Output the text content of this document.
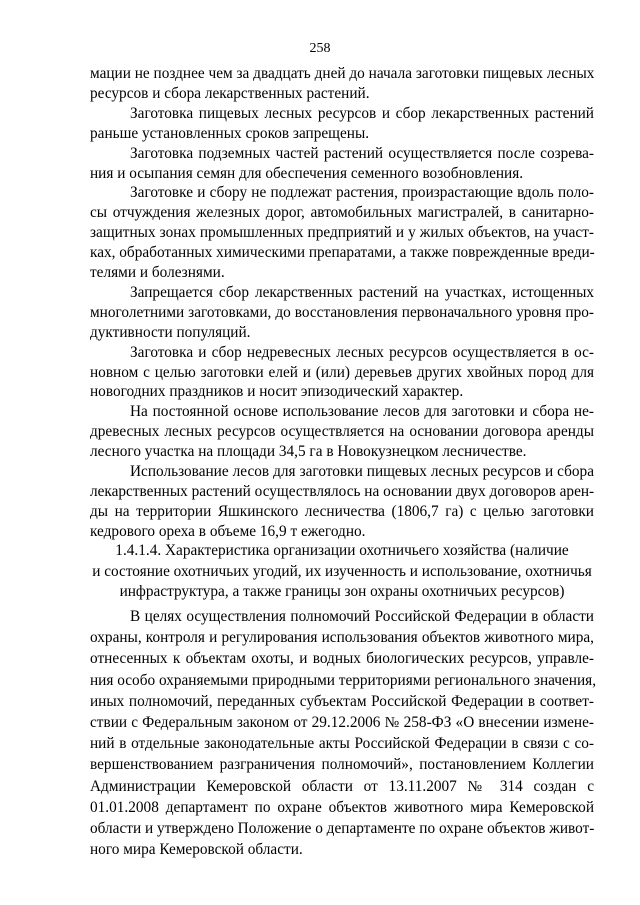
258
мации не позднее чем за двадцать дней до начала заготовки пищевых лесных
ресурсов и сбора лекарственных растений.
Заготовка пищевых лесных ресурсов и сбор лекарственных растений
раньше установленных сроков запрещены.
Заготовка подземных частей растений осуществляется после созрева-
ния и осыпания семян для обеспечения семенного возобновления.
Заготовке и сбору не подлежат растения, произрастающие вдоль поло-
сы отчуждения железных дорог, автомобильных магистралей, в санитарно-
защитных зонах промышленных предприятий и у жилых объектов, на участ-
ках, обработанных химическими препаратами, а также поврежденные вреди-
телями и болезнями.
Запрещается сбор лекарственных растений на участках, истощенных
многолетними заготовками, до восстановления первоначального уровня про-
дуктивности популяций.
Заготовка и сбор недревесных лесных ресурсов осуществляется в ос-
новном с целью заготовки елей и (или) деревьев других хвойных пород для
новогодних праздников и носит эпизодический характер.
На постоянной основе использование лесов для заготовки и сбора не-
древесных лесных ресурсов осуществляется на основании договора аренды
лесного участка на площади 34,5 га в Новокузнецком лесничестве.
Использование лесов для заготовки пищевых лесных ресурсов и сбора
лекарственных растений осуществлялось на основании двух договоров арен-
ды на территории Яшкинского лесничества (1806,7 га) с целью заготовки
кедрового ореха в объеме 16,9 т ежегодно.
1.4.1.4. Характеристика организации охотничьего хозяйства (наличие
и состояние охотничьих угодий, их изученность и использование, охотничья
инфраструктура, а также границы зон охраны охотничьих ресурсов)
В целях осуществления полномочий Российской Федерации в области
охраны, контроля и регулирования использования объектов животного мира,
отнесенных к объектам охоты, и водных биологических ресурсов, управле-
ния особо охраняемыми природными территориями регионального значения,
иных полномочий, переданных субъектам Российской Федерации в соответ-
ствии с Федеральным законом от 29.12.2006 № 258-ФЗ «О внесении измене-
ний в отдельные законодательные акты Российской Федерации в связи с со-
вершенствованием разграничения полномочий», постановлением Коллегии
Администрации Кемеровской области от 13.11.2007 № 314 создан с
01.01.2008 департамент по охране объектов животного мира Кемеровской
области и утверждено Положение о департаменте по охране объектов живот-
ного мира Кемеровской области.
